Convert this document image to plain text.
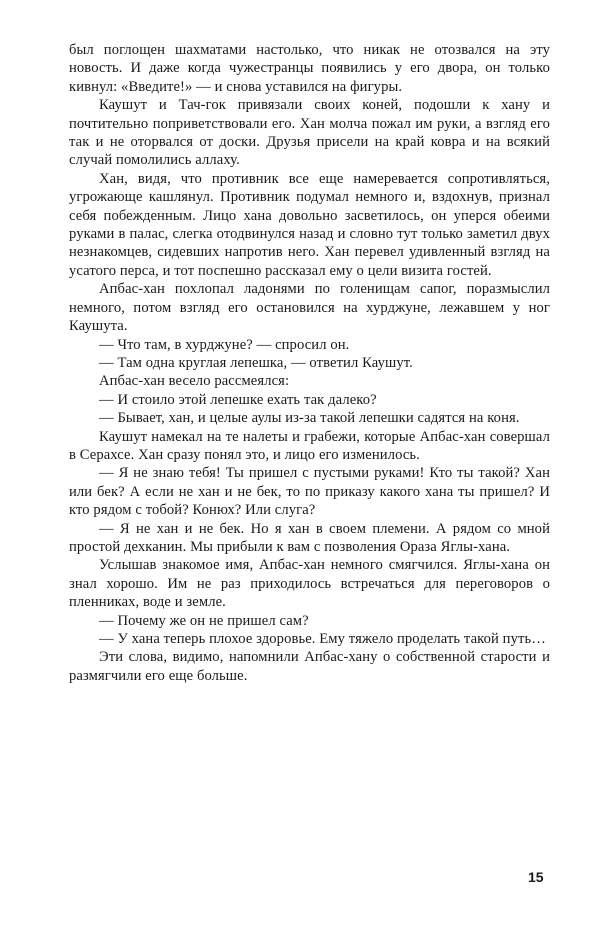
был поглощен шахматами настолько, что никак не отозвался на эту новость. И даже когда чужестранцы появились у его двора, он только кивнул: «Введите!» — и снова уставился на фигуры.

Каушут и Тач-гок привязали своих коней, подошли к хану и почтительно поприветствовали его. Хан молча пожал им руки, а взгляд его так и не оторвался от доски. Друзья присели на край ковра и на всякий случай помолились аллаху.

Хан, видя, что противник все еще намеревается сопротивляться, угрожающе кашлянул. Противник подумал немного и, вздохнув, признал себя побежденным. Лицо хана довольно засветилось, он уперся обеими руками в палас, слегка отодвинулся назад и словно тут только заметил двух незнакомцев, сидевших напротив него. Хан перевел удивленный взгляд на усатого перса, и тот поспешно рассказал ему о цели визита гостей.

Апбас-хан похлопал ладонями по голенищам сапог, поразмыслил немного, потом взгляд его остановился на хурджуне, лежавшем у ног Каушута.

— Что там, в хурджуне? — спросил он.

— Там одна круглая лепешка, — ответил Каушут.

Апбас-хан весело рассмеялся:

— И стоило этой лепешке ехать так далеко?

— Бывает, хан, и целые аулы из-за такой лепешки садятся на коня.

Каушут намекал на те налеты и грабежи, которые Апбас-хан совершал в Серахсе. Хан сразу понял это, и лицо его изменилось.

— Я не знаю тебя! Ты пришел с пустыми руками! Кто ты такой? Хан или бек? А если не хан и не бек, то по приказу какого хана ты пришел? И кто рядом с тобой? Конюх? Или слуга?

— Я не хан и не бек. Но я хан в своем племени. А рядом со мной простой дехканин. Мы прибыли к вам с позволения Ораза Яглы-хана.

Услышав знакомое имя, Апбас-хан немного смягчился. Яглы-хана он знал хорошо. Им не раз приходилось встречаться для переговоров о пленниках, воде и земле.

— Почему же он не пришел сам?

— У хана теперь плохое здоровье. Ему тяжело проделать такой путь…

Эти слова, видимо, напомнили Апбас-хану о собственной старости и размягчили его еще больше.

15
